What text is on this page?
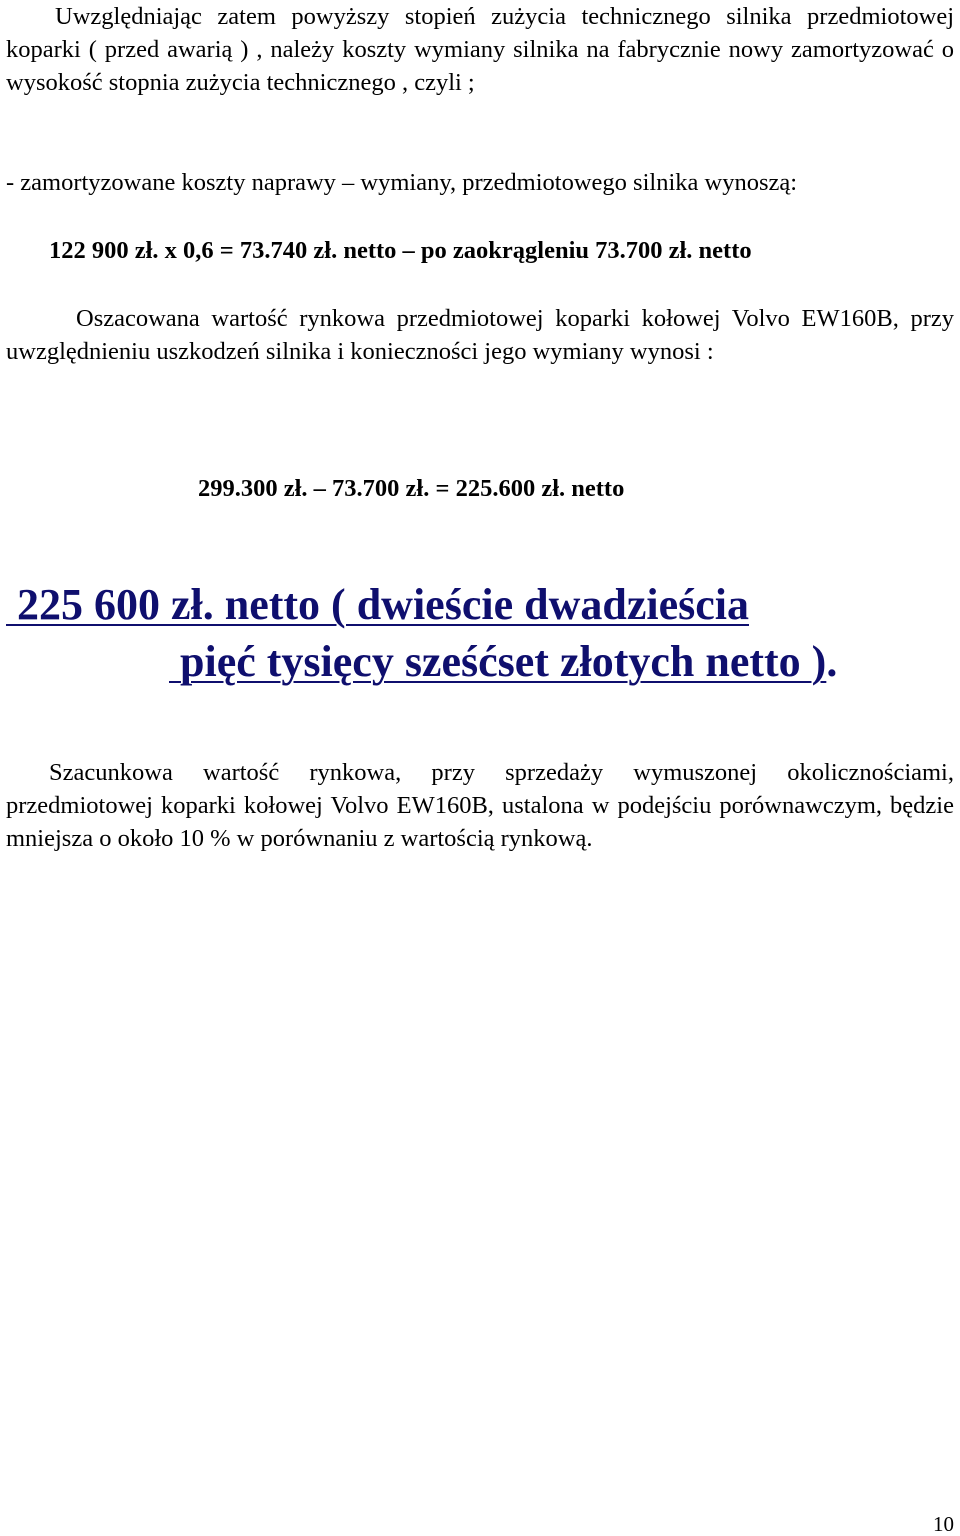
Uwzględniając zatem powyższy stopień zużycia technicznego silnika przedmiotowej koparki ( przed awarią ) , należy koszty wymiany silnika na fabrycznie nowy zamortyzować o wysokość stopnia zużycia technicznego , czyli ;

- zamortyzowane koszty naprawy – wymiany, przedmiotowego silnika wynoszą:

122 900 zł. x 0,6 = 73.740 zł. netto – po zaokrągleniu 73.700 zł. netto

Oszacowana wartość rynkowa przedmiotowej koparki kołowej Volvo EW160B, przy uwzględnieniu uszkodzeń silnika i konieczności jego wymiany wynosi :

299.300 zł. – 73.700 zł. = 225.600 zł. netto

225 600 zł. netto ( dwieście dwadzieścia
pięć tysięcy sześćset złotych netto ).

Szacunkowa wartość rynkowa, przy sprzedaży wymuszonej okolicznościami, przedmiotowej koparki kołowej Volvo EW160B, ustalona w podejściu porównawczym, będzie mniejsza o około 10 % w porównaniu z wartością rynkową.

10
